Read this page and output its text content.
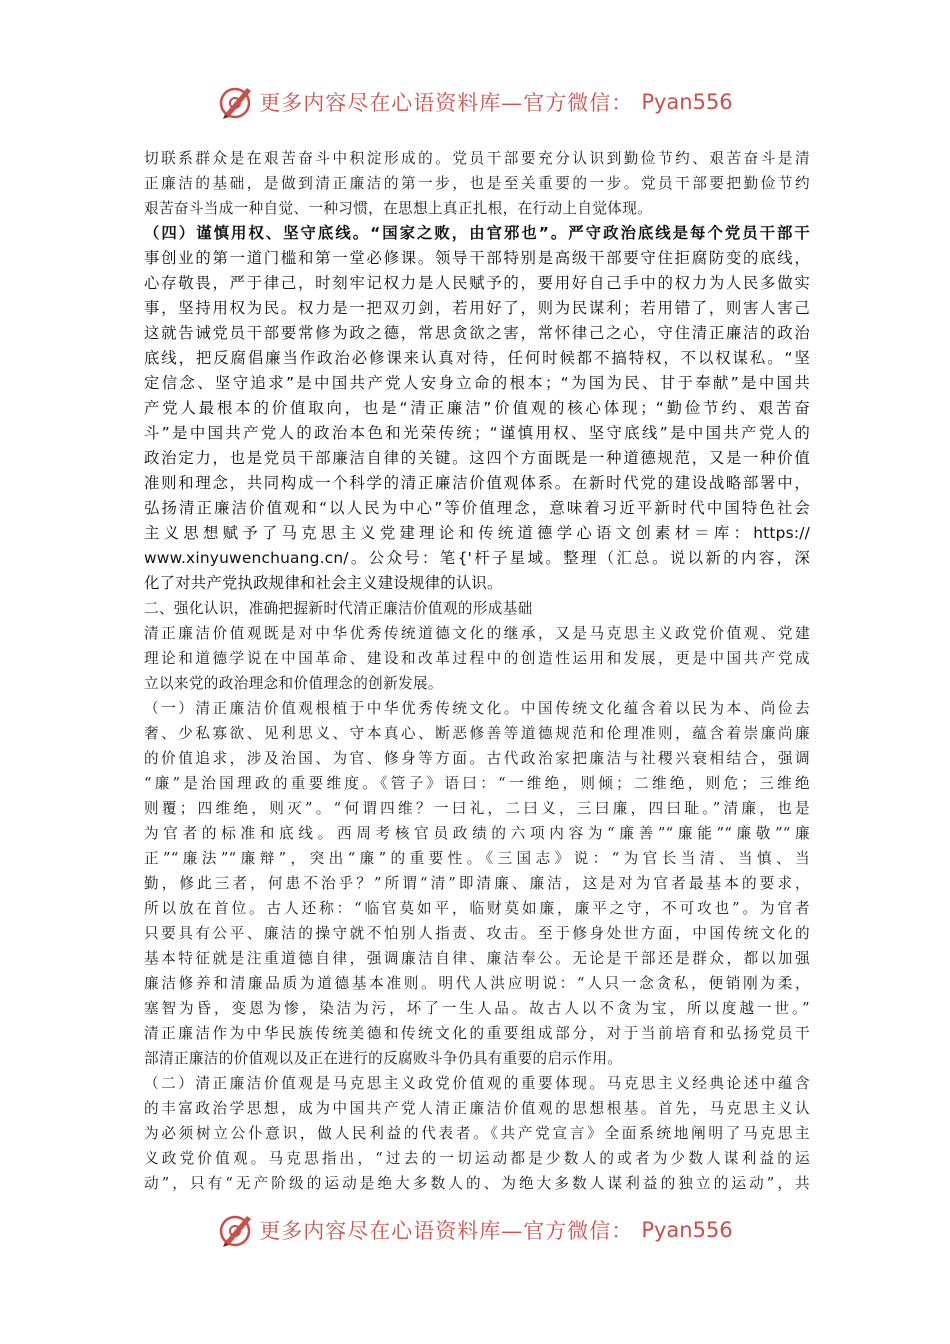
更多内容尽在心语资料库—官方微信： Pyan556
切联系群众是在艰苦奋斗中积淀形成的。党员干部要充分认识到勤俭节约、艰苦奋斗是清
正廉洁的基础，是做到清正廉洁的第一步，也是至关重要的一步。党员干部要把勤俭节约
艰苦奋斗当成一种自觉、一种习惯，在思想上真正扎根，在行动上自觉体现。
（四）谨慎用权、坚守底线。“国家之败，由官邪也”。严守政治底线是每个党员干部干
事创业的第一道门槛和第一堂必修课。领导干部特别是高级干部要守住拒腐防变的底线，
心存敬畏，严于律己，时刻牢记权力是人民赋予的，要用好自己手中的权力为人民多做实
事，坚持用权为民。权力是一把双刃剑，若用好了，则为民谋利；若用错了，则害人害己
这就告诫党员干部要常修为政之德，常思贪欲之害，常怀律己之心，守住清正廉洁的政治
底线，把反腐倡廉当作政治必修课来认真对待，任何时候都不搞特权，不以权谋私。“坚
定信念、坚守追求”是中国共产党人安身立命的根本；“为国为民、甘于奉献”是中国共
产党人最根本的价值取向，也是“清正廉洁”价值观的核心体现；“勤俭节约、艰苦奋
斗”是中国共产党人的政治本色和光荣传统；“谨慎用权、坚守底线”是中国共产党人的
政治定力，也是党员干部廉洁自律的关键。这四个方面既是一种道德规范，又是一种价值
准则和理念，共同构成一个科学的清正廉洁价值观体系。在新时代党的建设战略部署中，
弘扬清正廉洁价值观和“以人民为中心”等价值理念，意味着习近平新时代中国特色社会
主义思想赋予了马克思主义党建理论和传统道德学心语文创素材＝库：https://
www.xinyuwenchuang.cn/。公众号：笔{'杆子星域。整理（汇总。说以新的内容，深
化了对共产党执政规律和社会主义建设规律的认识。
二、强化认识，准确把握新时代清正廉洁价值观的形成基础
清正廉洁价值观既是对中华优秀传统道德文化的继承，又是马克思主义政党价值观、党建
理论和道德学说在中国革命、建设和改革过程中的创造性运用和发展，更是中国共产党成
立以来党的政治理念和价值理念的创新发展。
（一）清正廉洁价值观根植于中华优秀传统文化。中国传统文化蕴含着以民为本、尚俭去
奢、少私寡欲、见利思义、守本真心、断恶修善等道德规范和伦理准则，蕴含着崇廉尚廉
的价值追求，涉及治国、为官、修身等方面。古代政治家把廉洁与社稷兴衰相结合，强调
“廉”是治国理政的重要维度。《管子》语曰：“一维绝，则倾；二维绝，则危；三维绝
则覆；四维绝，则灭”。“何谓四维？一曰礼，二曰义，三曰廉，四曰耻。”清廉，也是
为官者的标准和底线。西周考核官员政绩的六项内容为“廉善”“廉能”“廉敬”“廉
正”“廉法”“廉辩”，突出“廉”的重要性。《三国志》说：“为官长当清、当慎、当
勤，修此三者，何患不治乎？”所谓“清”即清廉、廉洁，这是对为官者最基本的要求，
所以放在首位。古人还称：“临官莫如平，临财莫如廉，廉平之守，不可攻也”。为官者
只要具有公平、廉洁的操守就不怕别人指责、攻击。至于修身处世方面，中国传统文化的
基本特征就是注重道德自律，强调廉洁自律、廉洁奉公。无论是干部还是群众，都以加强
廉洁修养和清廉品质为道德基本准则。明代人洪应明说：“人只一念贪私，便销刚为柔，
塞智为昏，变恩为惨，染洁为污，坏了一生人品。故古人以不贪为宝，所以度越一世。”
清正廉洁作为中华民族传统美德和传统文化的重要组成部分，对于当前培育和弘扬党员干
部清正廉洁的价值观以及正在进行的反腐败斗争仍具有重要的启示作用。
（二）清正廉洁价值观是马克思主义政党价值观的重要体现。马克思主义经典论述中蕴含
的丰富政治学思想，成为中国共产党人清正廉洁价值观的思想根基。首先，马克思主义认
为必须树立公仆意识，做人民利益的代表者。《共产党宣言》全面系统地阐明了马克思主
义政党价值观。马克思指出，“过去的一切运动都是少数人的或者为少数人谋利益的运
动”，只有“无产阶级的运动是绝大多数人的、为绝大多数人谋利益的独立的运动”，共
更多内容尽在心语资料库—官方微信： Pyan556
